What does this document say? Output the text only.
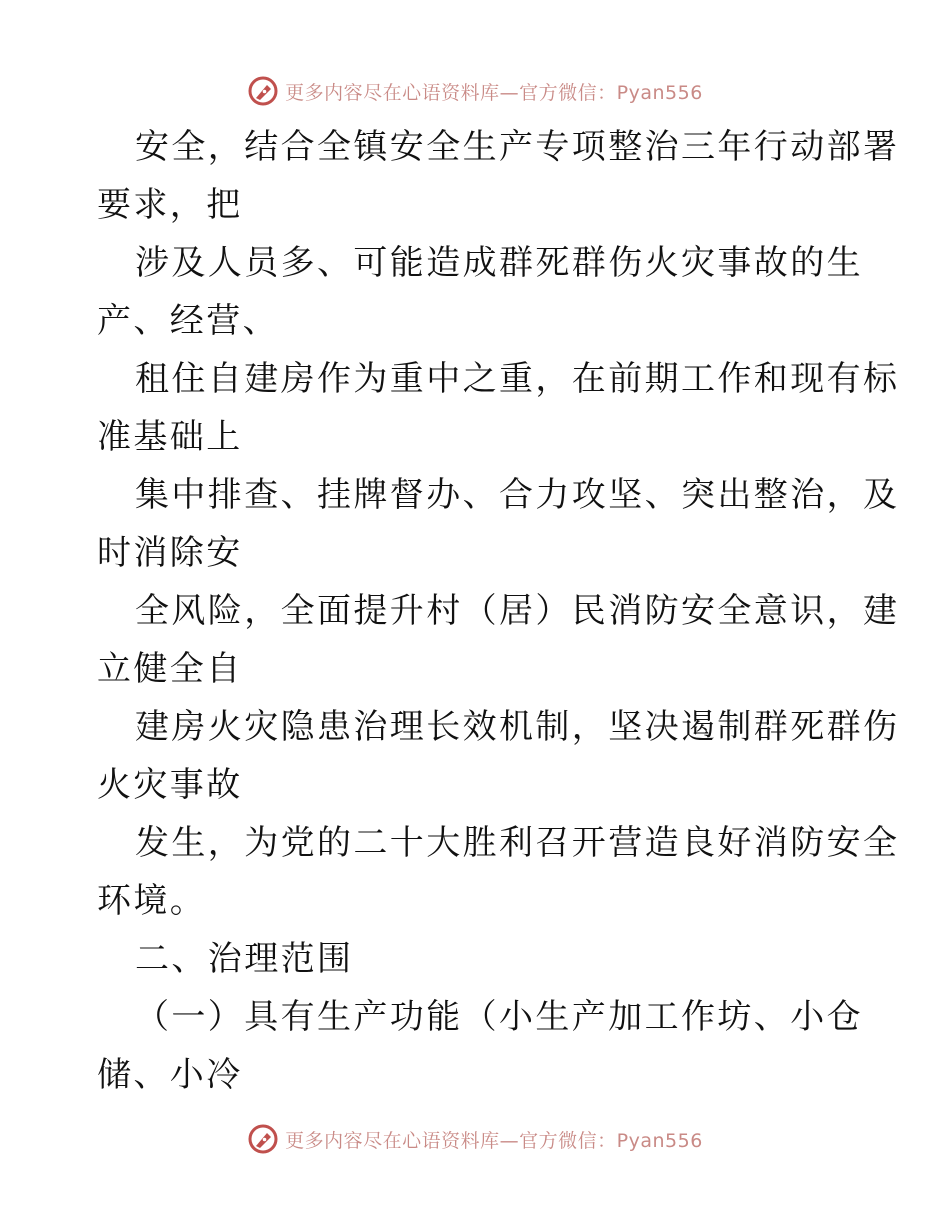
更多内容尽在心语资料库—官方微信：Pyan556
安全，结合全镇安全生产专项整治三年行动部署
要求，把
涉及人员多、可能造成群死群伤火灾事故的生
产、经营、
租住自建房作为重中之重，在前期工作和现有标
准基础上
集中排查、挂牌督办、合力攻坚、突出整治，及
时消除安
全风险，全面提升村（居）民消防安全意识，建
立健全自
建房火灾隐患治理长效机制，坚决遏制群死群伤
火灾事故
发生，为党的二十大胜利召开营造良好消防安全
环境。
二、治理范围
（一）具有生产功能（小生产加工作坊、小仓
储、小冷
更多内容尽在心语资料库—官方微信：Pyan556
